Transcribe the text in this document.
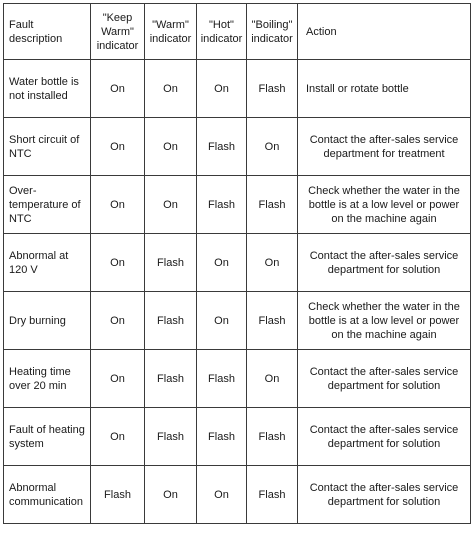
Fault description	"Keep Warm" indicator	"Warm" indicator	"Hot" indicator	"Boiling" indicator	Action
Water bottle is not installed	On	On	On	Flash	Install or rotate bottle
Short circuit of NTC	On	On	Flash	On	Contact the after-sales service department for treatment
Over-temperature of NTC	On	On	Flash	Flash	Check whether the water in the bottle is at a low level or power on the machine again
Abnormal at 120 V	On	Flash	On	On	Contact the after-sales service department for solution
Dry burning	On	Flash	On	Flash	Check whether the water in the bottle is at a low level or power on the machine again
Heating time over 20 min	On	Flash	Flash	On	Contact the after-sales service department for solution
Fault of heating system	On	Flash	Flash	Flash	Contact the after-sales service department for solution
Abnormal communication	Flash	On	On	Flash	Contact the after-sales service department for solution
